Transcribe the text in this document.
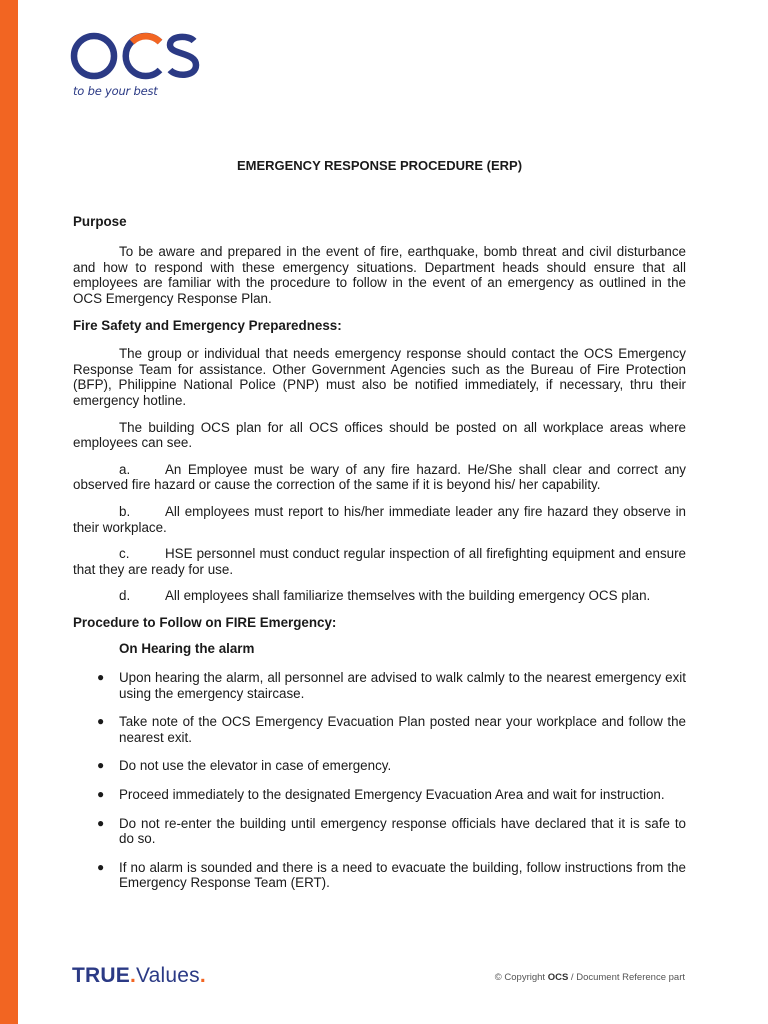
to be your best
EMERGENCY RESPONSE PROCEDURE (ERP)
Purpose

To be aware and prepared in the event of fire, earthquake, bomb threat and civil disturbance and how to respond with these emergency situations. Department heads should ensure that all employees are familiar with the procedure to follow in the event of an emergency as outlined in the OCS Emergency Response Plan.

Fire Safety and Emergency Preparedness:

The group or individual that needs emergency response should contact the OCS Emergency Response Team for assistance. Other Government Agencies such as the Bureau of Fire Protection (BFP), Philippine National Police (PNP) must also be notified immediately, if necessary, thru their emergency hotline.

The building OCS plan for all OCS offices should be posted on all workplace areas where employees can see.

a.	An Employee must be wary of any fire hazard. He/She shall clear and correct any observed fire hazard or cause the correction of the same if it is beyond his/ her capability.
b.	All employees must report to his/her immediate leader any fire hazard they observe in their workplace.
c.	HSE personnel must conduct regular inspection of all firefighting equipment and ensure that they are ready for use.
d.	All employees shall familiarize themselves with the building emergency OCS plan.
Procedure to Follow on FIRE Emergency:
On Hearing the alarm
● Upon hearing the alarm, all personnel are advised to walk calmly to the nearest emergency exit using the emergency staircase.
● Take note of the OCS Emergency Evacuation Plan posted near your workplace and follow the nearest exit.
● Do not use the elevator in case of emergency.
● Proceed immediately to the designated Emergency Evacuation Area and wait for instruction.
● Do not re-enter the building until emergency response officials have declared that it is safe to do so.
● If no alarm is sounded and there is a need to evacuate the building, follow instructions from the Emergency Response Team (ERT).
TRUE.Values.	© Copyright OCS / Document Reference part
